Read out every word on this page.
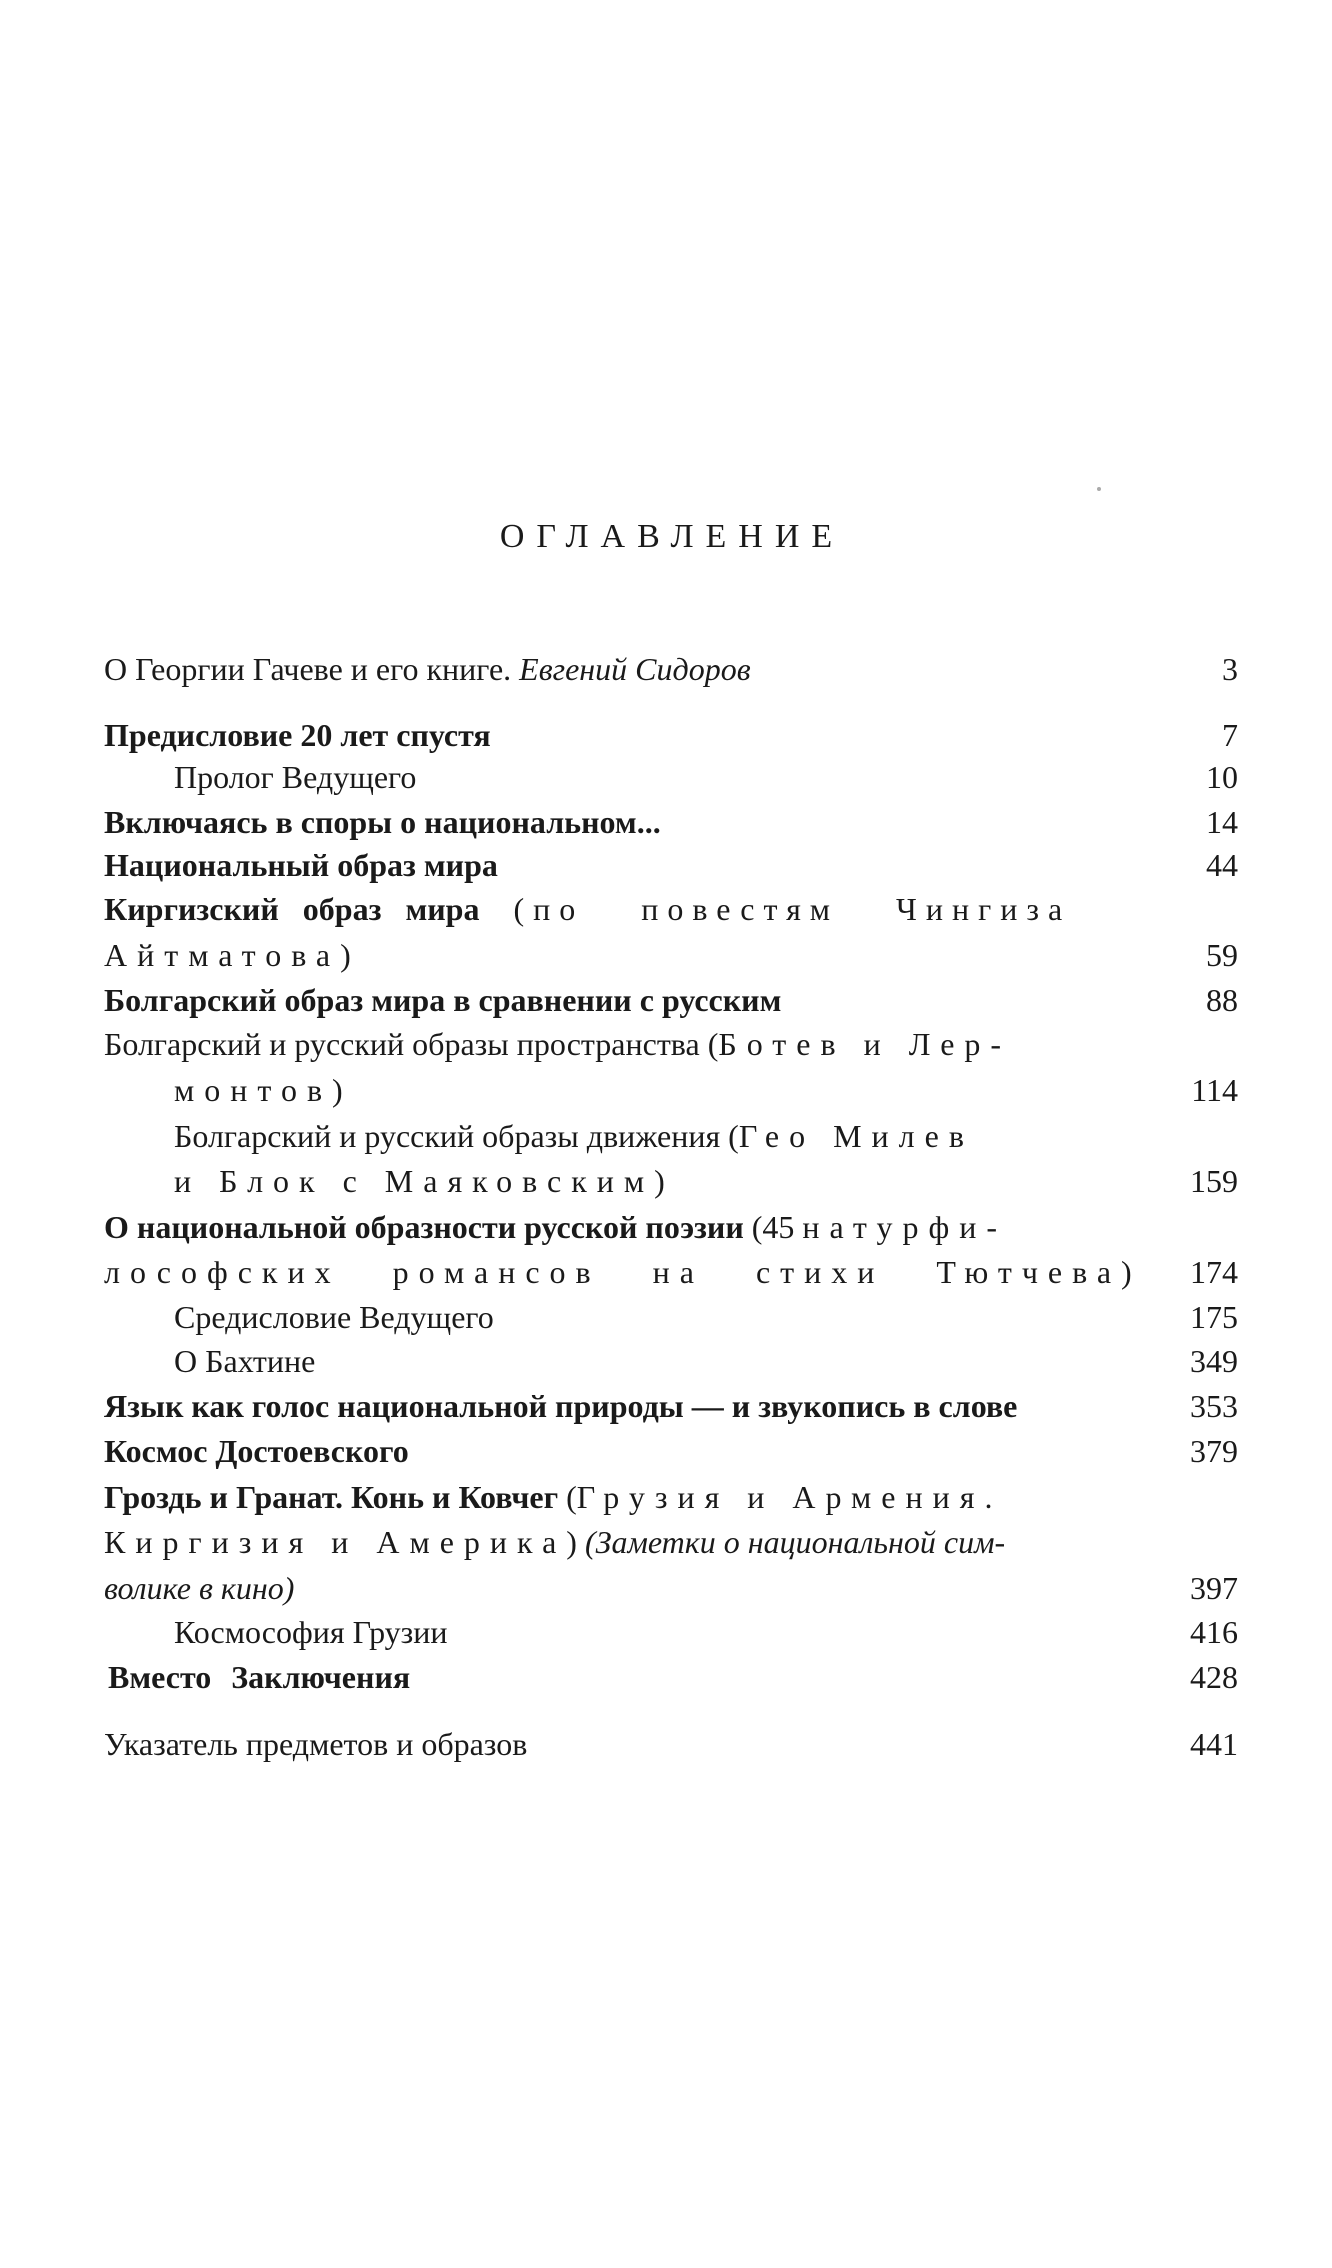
ОГЛАВЛЕНИЕ
О Георгии Гачеве и его книге. Евгений Сидоров	3
Предисловие 20 лет спустя	7
Пролог Ведущего	10
Включаясь в споры о национальном...	14
Национальный образ мира	44
Киргизский образ мира (по повестям Чингиза
Айтматова)	59
Болгарский образ мира в сравнении с русским	88
Болгарский и русский образы пространства (Ботев и Лер-
монтов)	114
Болгарский и русский образы движения (Гео Милев
и Блок с Маяковским)	159
О национальной образности русской поэзии (45 натурфи-
лософских романсов на стихи Тютчева)	174
Средисловие Ведущего	175
О Бахтине	349
Язык как голос национальной природы — и звукопись в слове	353
Космос Достоевского	379
Гроздь и Гранат. Конь и Ковчег (Грузия и Армения.
Киргизия и Америка) (Заметки о национальной сим-
волике в кино)	397
Космософия Грузии	416
Вместо Заключения	428
Указатель предметов и образов	441
